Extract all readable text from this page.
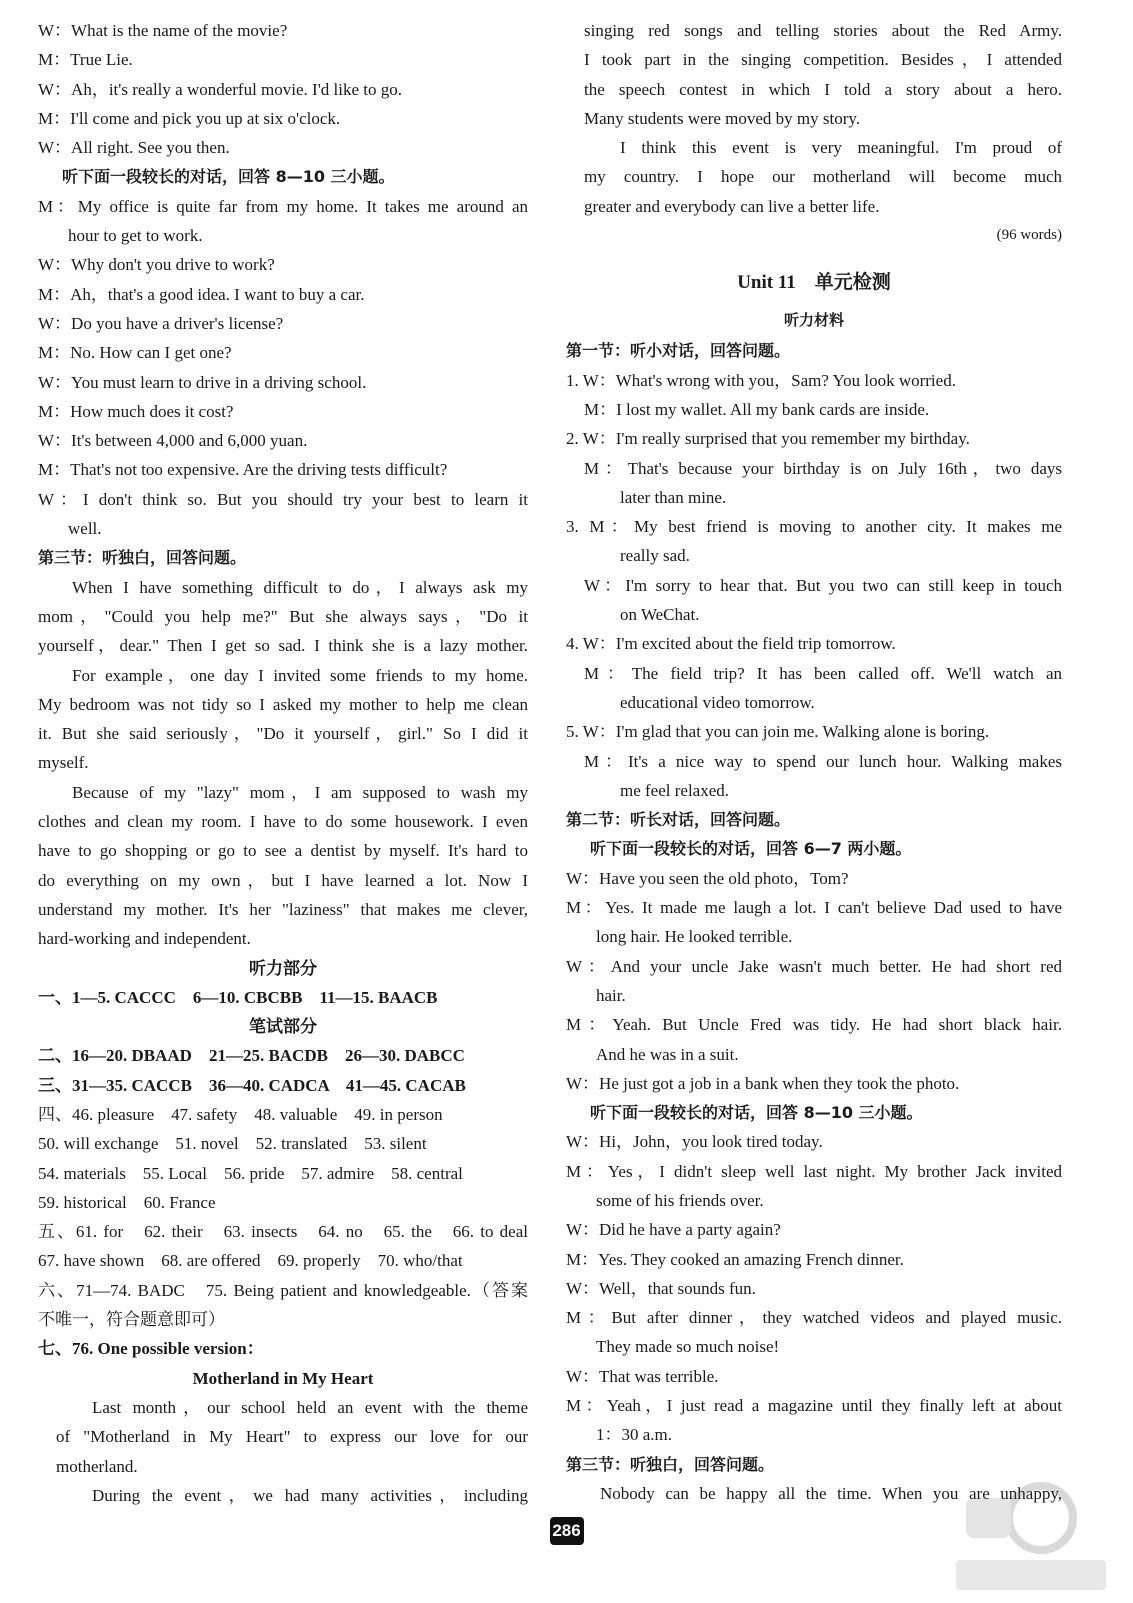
W：What is the name of the movie?
M：True Lie.
W：Ah，it's really a wonderful movie. I'd like to go.
M：I'll come and pick you up at six o'clock.
W：All right. See you then.
听下面一段较长的对话，回答 8—10 三小题。
M：My office is quite far from my home. It takes me around an
hour to get to work.
W：Why don't you drive to work?
M：Ah，that's a good idea. I want to buy a car.
W：Do you have a driver's license?
M：No. How can I get one?
W：You must learn to drive in a driving school.
M：How much does it cost?
W：It's between 4,000 and 6,000 yuan.
M：That's not too expensive. Are the driving tests difficult?
W：I don't think so. But you should try your best to learn it
well.
第三节：听独白，回答问题。
When I have something difficult to do，I always ask my
mom，"Could you help me?" But she always says，"Do it
yourself，dear." Then I get so sad. I think she is a lazy mother.
For example，one day I invited some friends to my home.
My bedroom was not tidy so I asked my mother to help me clean
it. But she said seriously，"Do it yourself，girl." So I did it
myself.
Because of my "lazy" mom，I am supposed to wash my
clothes and clean my room. I have to do some housework. I even
have to go shopping or go to see a dentist by myself. It's hard to
do everything on my own，but I have learned a lot. Now I
understand my mother. It's her "laziness" that makes me clever,
hard-working and independent.
听力部分
一、1—5. CACCC　6—10. CBCBB　11—15. BAACB
笔试部分
二、16—20. DBAAD　21—25. BACDB　26—30. DABCC
三、31—35. CACCB　36—40. CADCA　41—45. CACAB
四、46. pleasure　47. safety　48. valuable　49. in person
50. will exchange　51. novel　52. translated　53. silent
54. materials　55. Local　56. pride　57. admire　58. central
59. historical　60. France
五、61. for　62. their　63. insects　64. no　65. the　66. to deal
67. have shown　68. are offered　69. properly　70. who/that
六、71—74. BADC　75. Being patient and knowledgeable.（答案
不唯一，符合题意即可）
七、76. One possible version：
Motherland in My Heart
Last month，our school held an event with the theme
of "Motherland in My Heart" to express our love for our
motherland.
During the event，we had many activities，including
singing red songs and telling stories about the Red Army.
I took part in the singing competition. Besides，I attended
the speech contest in which I told a story about a hero.
Many students were moved by my story.
I think this event is very meaningful. I'm proud of
my country. I hope our motherland will become much
greater and everybody can live a better life.
(96 words)
Unit 11　单元检测
听力材料
第一节：听小对话，回答问题。
1. W：What's wrong with you，Sam? You look worried.
M：I lost my wallet. All my bank cards are inside.
2. W：I'm really surprised that you remember my birthday.
M：That's because your birthday is on July 16th，two days
later than mine.
3. M：My best friend is moving to another city. It makes me
really sad.
W：I'm sorry to hear that. But you two can still keep in touch
on WeChat.
4. W：I'm excited about the field trip tomorrow.
M：The field trip? It has been called off. We'll watch an
educational video tomorrow.
5. W：I'm glad that you can join me. Walking alone is boring.
M：It's a nice way to spend our lunch hour. Walking makes
me feel relaxed.
第二节：听长对话，回答问题。
听下面一段较长的对话，回答 6—7 两小题。
W：Have you seen the old photo，Tom?
M：Yes. It made me laugh a lot. I can't believe Dad used to have
long hair. He looked terrible.
W：And your uncle Jake wasn't much better. He had short red
hair.
M：Yeah. But Uncle Fred was tidy. He had short black hair.
And he was in a suit.
W：He just got a job in a bank when they took the photo.
听下面一段较长的对话，回答 8—10 三小题。
W：Hi，John，you look tired today.
M：Yes，I didn't sleep well last night. My brother Jack invited
some of his friends over.
W：Did he have a party again?
M：Yes. They cooked an amazing French dinner.
W：Well，that sounds fun.
M：But after dinner，they watched videos and played music.
They made so much noise!
W：That was terrible.
M：Yeah，I just read a magazine until they finally left at about
1：30 a.m.
第三节：听独白，回答问题。
Nobody can be happy all the time. When you are unhappy,
286
